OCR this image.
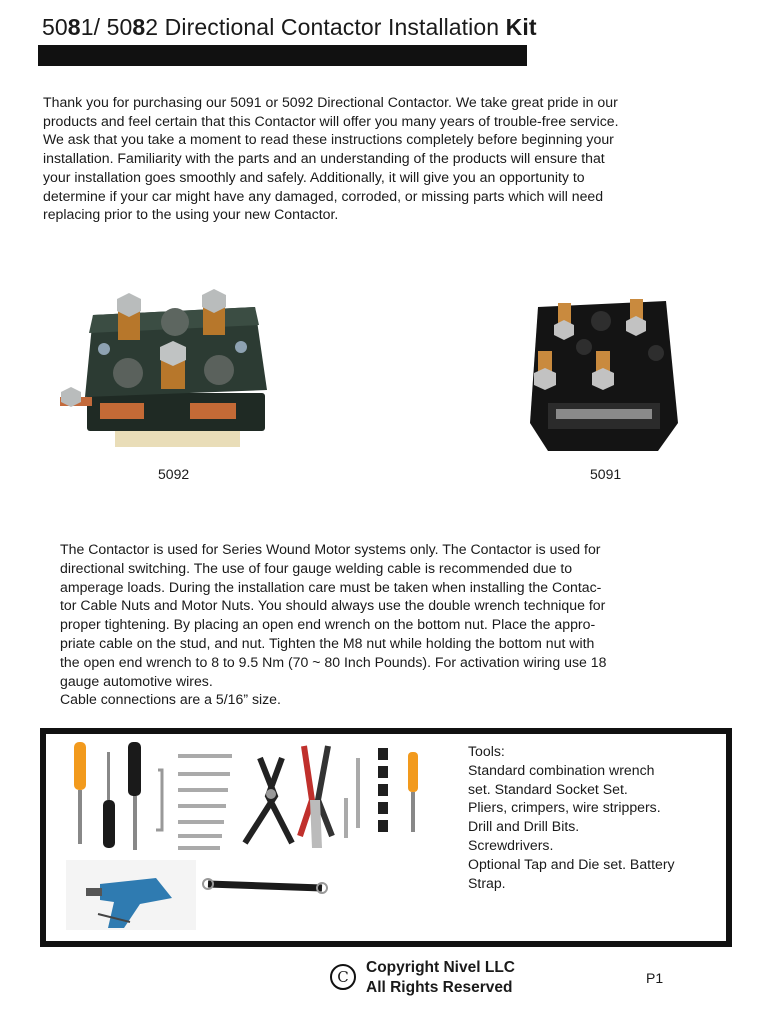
5081/ 5082 Directional Contactor Installation Kit
Thank you for purchasing our 5091 or 5092 Directional Contactor. We take great pride in our
products and feel certain that this Contactor will offer you many years of trouble-free service.
We ask that you take a moment to read these instructions completely before beginning your
installation. Familiarity with the parts and an understanding of the products will ensure that
your installation goes smoothly and safely. Additionally, it will give you an opportunity to
determine if your car might have any damaged, corroded, or missing parts which will need
replacing prior to the using your new Contactor.
5092	5091
The Contactor is used for Series Wound Motor systems only. The Contactor is used for
directional switching. The use of four gauge welding cable is recommended due to
amperage loads. During the installation care must be taken when installing the Contac-
tor Cable Nuts and Motor Nuts. You should always use the double wrench technique for
proper tightening. By placing an open end wrench on the bottom nut. Place the appro-
priate cable on the stud, and nut. Tighten the M8 nut while holding the bottom nut with
the open end wrench to 8 to 9.5 Nm (70 ~ 80 Inch Pounds). For activation wiring use 18
gauge automotive wires.
Cable connections are a 5/16” size.
Tools:
Standard combination wrench
set. Standard Socket Set.
Pliers, crimpers, wire strippers.
Drill and Drill Bits.
Screwdrivers.
Optional Tap and Die set. Battery
Strap.
C
Copyright Nivel LLC
All Rights Reserved
P1
